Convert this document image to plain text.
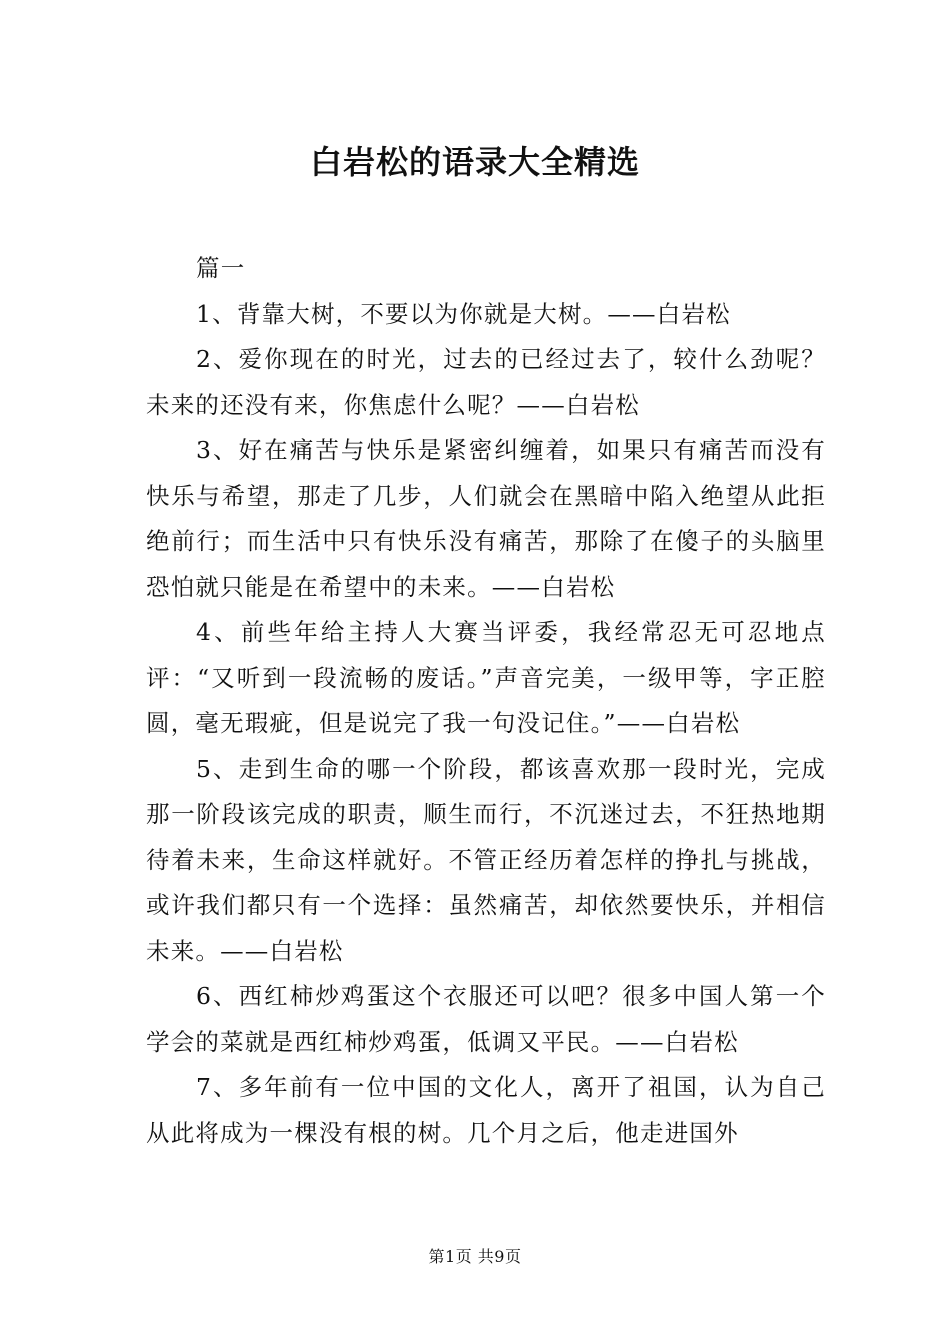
白岩松的语录大全精选

篇一

1、背靠大树，不要以为你就是大树。——白岩松

2、爱你现在的时光，过去的已经过去了，较什么劲呢？未来的还没有来，你焦虑什么呢？——白岩松

3、好在痛苦与快乐是紧密纠缠着，如果只有痛苦而没有快乐与希望，那走了几步，人们就会在黑暗中陷入绝望从此拒绝前行；而生活中只有快乐没有痛苦，那除了在傻子的头脑里恐怕就只能是在希望中的未来。——白岩松

4、前些年给主持人大赛当评委，我经常忍无可忍地点评：“又听到一段流畅的废话。”声音完美，一级甲等，字正腔圆，毫无瑕疵，但是说完了我一句没记住。”——白岩松

5、走到生命的哪一个阶段，都该喜欢那一段时光，完成那一阶段该完成的职责，顺生而行，不沉迷过去，不狂热地期待着未来，生命这样就好。不管正经历着怎样的挣扎与挑战，或许我们都只有一个选择：虽然痛苦，却依然要快乐，并相信未来。——白岩松

6、西红柿炒鸡蛋这个衣服还可以吧？很多中国人第一个学会的菜就是西红柿炒鸡蛋，低调又平民。——白岩松

7、多年前有一位中国的文化人，离开了祖国，认为自己从此将成为一棵没有根的树。几个月之后，他走进国外

第1页 共9页
